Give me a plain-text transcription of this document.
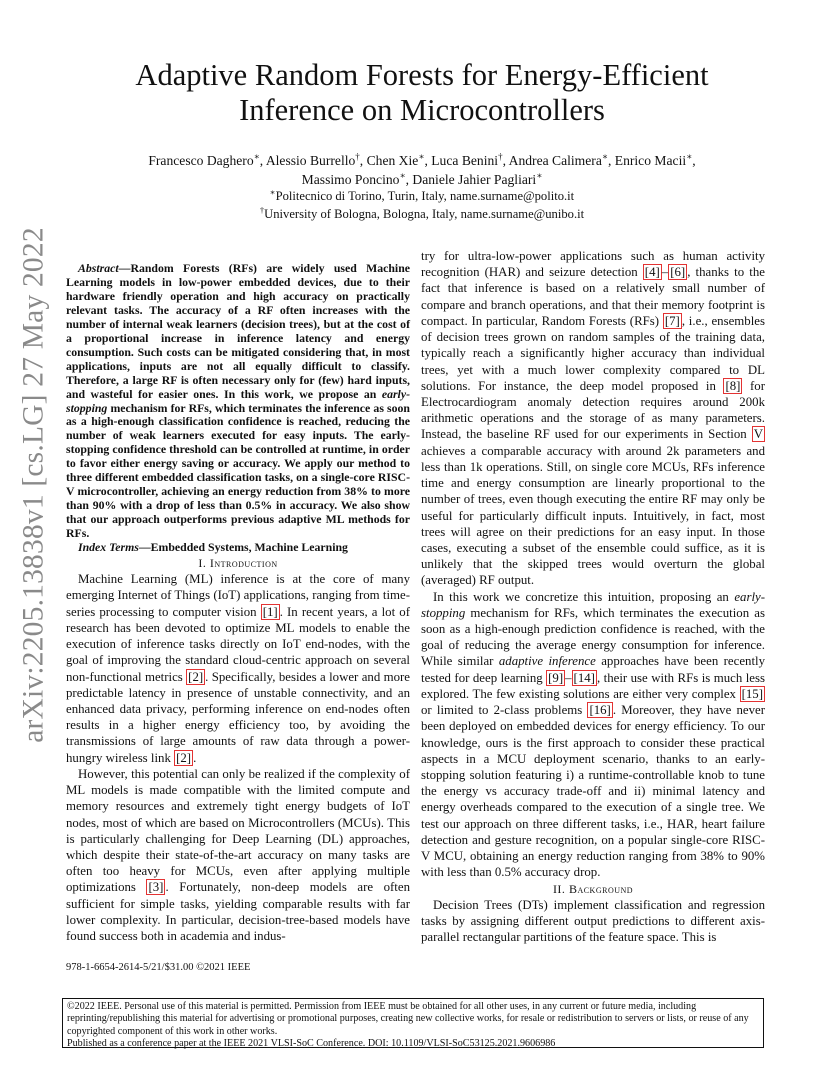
arXiv:2205.13838v1 [cs.LG] 27 May 2022
Adaptive Random Forests for Energy-Efficient
Inference on Microcontrollers
Francesco Daghero∗, Alessio Burrello†, Chen Xie∗, Luca Benini†, Andrea Calimera∗, Enrico Macii∗,
Massimo Poncino∗, Daniele Jahier Pagliari∗
∗Politecnico di Torino, Turin, Italy, name.surname@polito.it
†University of Bologna, Bologna, Italy, name.surname@unibo.it

Abstract—Random Forests (RFs) are widely used Machine Learning models in low-power embedded devices, due to their hardware friendly operation and high accuracy on practically relevant tasks. The accuracy of a RF often increases with the number of internal weak learners (decision trees), but at the cost of a proportional increase in inference latency and energy consumption. Such costs can be mitigated considering that, in most applications, inputs are not all equally difficult to classify. Therefore, a large RF is often necessary only for (few) hard inputs, and wasteful for easier ones. In this work, we propose an early-stopping mechanism for RFs, which terminates the inference as soon as a high-enough classification confidence is reached, reducing the number of weak learners executed for easy inputs. The early-stopping confidence threshold can be controlled at runtime, in order to favor either energy saving or accuracy. We apply our method to three different embedded classification tasks, on a single-core RISC-V microcontroller, achieving an energy reduction from 38% to more than 90% with a drop of less than 0.5% in accuracy. We also show that our approach outperforms previous adaptive ML methods for RFs.

Index Terms—Embedded Systems, Machine Learning

I. Introduction

Machine Learning (ML) inference is at the core of many emerging Internet of Things (IoT) applications, ranging from time-series processing to computer vision [1] . In recent years, a lot of research has been devoted to optimize ML models to enable the execution of inference tasks directly on IoT end-nodes, with the goal of improving the standard cloud-centric approach on several non-functional metrics [2] . Specifically, besides a lower and more predictable latency in presence of unstable connectivity, and an enhanced data privacy, performing inference on end-nodes often results in a higher energy efficiency too, by avoiding the transmissions of large amounts of raw data through a power-hungry wireless link [2] .

However, this potential can only be realized if the complexity of ML models is made compatible with the limited compute and memory resources and extremely tight energy budgets of IoT nodes, most of which are based on Microcontrollers (MCUs). This is particularly challenging for Deep Learning (DL) approaches, which despite their state-of-the-art accuracy on many tasks are often too heavy for MCUs, even after applying multiple optimizations [3] . Fortunately, non-deep models are often sufficient for simple tasks, yielding comparable results with far lower complexity. In particular, decision-tree-based models have found success both in academia and indus-

try for ultra-low-power applications such as human activity recognition (HAR) and seizure detection [4] – [6] , thanks to the fact that inference is based on a relatively small number of compare and branch operations, and that their memory footprint is compact. In particular, Random Forests (RFs) [7] , i.e., ensembles of decision trees grown on random samples of the training data, typically reach a significantly higher accuracy than individual trees, yet with a much lower complexity compared to DL solutions. For instance, the deep model proposed in [8] for Electrocardiogram anomaly detection requires around 200k arithmetic operations and the storage of as many parameters. Instead, the baseline RF used for our experiments in Section V achieves a comparable accuracy with around 2k parameters and less than 1k operations. Still, on single core MCUs, RFs inference time and energy consumption are linearly proportional to the number of trees, even though executing the entire RF may only be useful for particularly difficult inputs. Intuitively, in fact, most trees will agree on their predictions for an easy input. In those cases, executing a subset of the ensemble could suffice, as it is unlikely that the skipped trees would overturn the global (averaged) RF output.

In this work we concretize this intuition, proposing an early-stopping mechanism for RFs, which terminates the execution as soon as a high-enough prediction confidence is reached, with the goal of reducing the average energy consumption for inference. While similar adaptive inference approaches have been recently tested for deep learning [9] – [14] , their use with RFs is much less explored. The few existing solutions are either very complex [15] or limited to 2-class problems [16] . Moreover, they have never been deployed on embedded devices for energy efficiency. To our knowledge, ours is the first approach to consider these practical aspects in a MCU deployment scenario, thanks to an early-stopping solution featuring i) a runtime-controllable knob to tune the energy vs accuracy trade-off and ii) minimal latency and energy overheads compared to the execution of a single tree. We test our approach on three different tasks, i.e., HAR, heart failure detection and gesture recognition, on a popular single-core RISC-V MCU, obtaining an energy reduction ranging from 38% to 90% with less than 0.5% accuracy drop.

II. Background

Decision Trees (DTs) implement classification and regression tasks by assigning different output predictions to different axis-parallel rectangular partitions of the feature space. This is

978-1-6654-2614-5/21/$31.00 ©2021 IEEE
©2022 IEEE. Personal use of this material is permitted. Permission from IEEE must be obtained for all other uses, in any current or future media, including reprinting/republishing this material for advertising or promotional purposes, creating new collective works, for resale or redistribution to servers or lists, or reuse of any copyrighted component of this work in other works.
Published as a conference paper at the IEEE 2021 VLSI-SoC Conference. DOI: 10.1109/VLSI-SoC53125.2021.9606986
